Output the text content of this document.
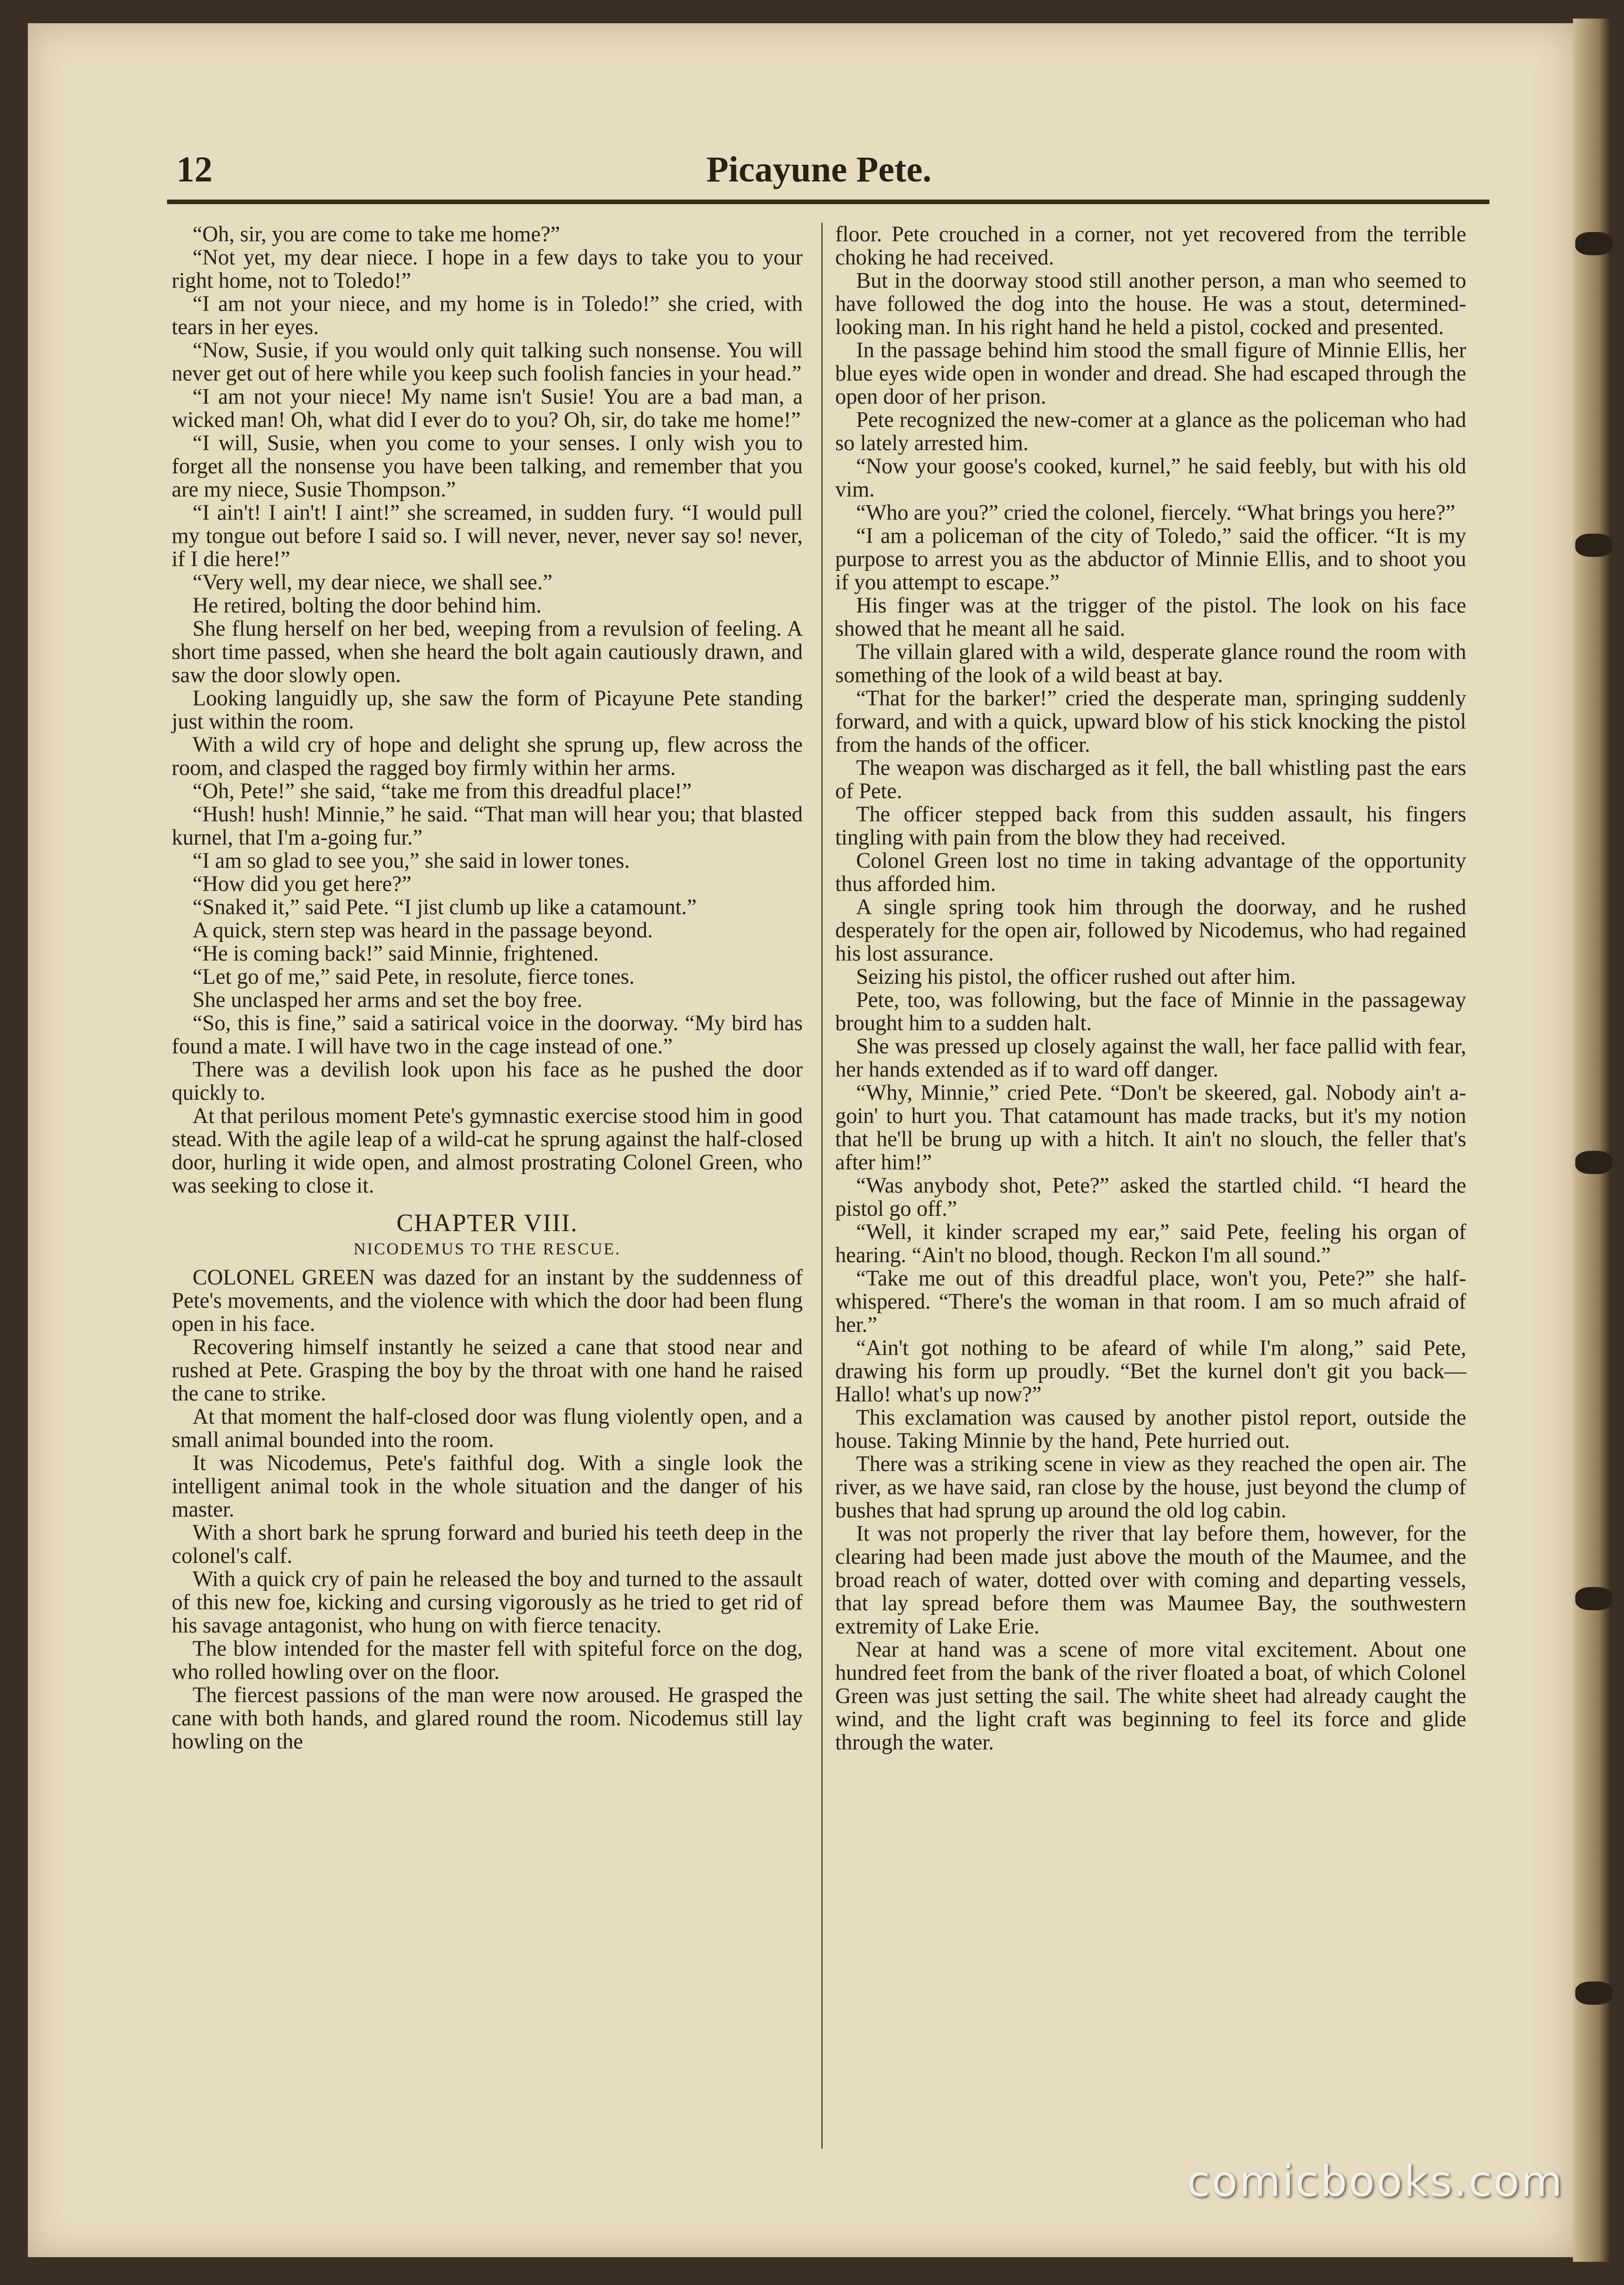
12	Picayune Pete.

“Oh, sir, you are come to take me home?”

“Not yet, my dear niece. I hope in a few days to take you to your right home, not to Toledo!”

“I am not your niece, and my home is in Toledo!” she cried, with tears in her eyes.

“Now, Susie, if you would only quit talking such nonsense. You will never get out of here while you keep such foolish fancies in your head.”

“I am not your niece! My name isn't Susie! You are a bad man, a wicked man! Oh, what did I ever do to you? Oh, sir, do take me home!”

“I will, Susie, when you come to your senses. I only wish you to forget all the nonsense you have been talking, and remember that you are my niece, Susie Thompson.”

“I ain't! I ain't! I aint!” she screamed, in sudden fury. “I would pull my tongue out before I said so. I will never, never, never say so! never, if I die here!”

“Very well, my dear niece, we shall see.”

He retired, bolting the door behind him.

She flung herself on her bed, weeping from a revulsion of feeling. A short time passed, when she heard the bolt again cautiously drawn, and saw the door slowly open.

Looking languidly up, she saw the form of Picayune Pete standing just within the room.

With a wild cry of hope and delight she sprung up, flew across the room, and clasped the ragged boy firmly within her arms.

“Oh, Pete!” she said, “take me from this dreadful place!”

“Hush! hush! Minnie,” he said. “That man will hear you; that blasted kurnel, that I'm a-going fur.”

“I am so glad to see you,” she said in lower tones.

“How did you get here?”

“Snaked it,” said Pete. “I jist clumb up like a catamount.”

A quick, stern step was heard in the passage beyond.

“He is coming back!” said Minnie, frightened.

“Let go of me,” said Pete, in resolute, fierce tones.

She unclasped her arms and set the boy free.

“So, this is fine,” said a satirical voice in the doorway. “My bird has found a mate. I will have two in the cage instead of one.”

There was a devilish look upon his face as he pushed the door quickly to.

At that perilous moment Pete's gymnastic exercise stood him in good stead. With the agile leap of a wild-cat he sprung against the half-closed door, hurling it wide open, and almost prostrating Colonel Green, who was seeking to close it.

CHAPTER VIII.
NICODEMUS TO THE RESCUE.

COLONEL GREEN was dazed for an instant by the suddenness of Pete's movements, and the violence with which the door had been flung open in his face.

Recovering himself instantly he seized a cane that stood near and rushed at Pete. Grasping the boy by the throat with one hand he raised the cane to strike.

At that moment the half-closed door was flung violently open, and a small animal bounded into the room.

It was Nicodemus, Pete's faithful dog. With a single look the intelligent animal took in the whole situation and the danger of his master.

With a short bark he sprung forward and buried his teeth deep in the colonel's calf.

With a quick cry of pain he released the boy and turned to the assault of this new foe, kicking and cursing vigorously as he tried to get rid of his savage antagonist, who hung on with fierce tenacity.

The blow intended for the master fell with spiteful force on the dog, who rolled howling over on the floor.

The fiercest passions of the man were now aroused. He grasped the cane with both hands, and glared round the room. Nicodemus still lay howling on the

floor. Pete crouched in a corner, not yet recovered from the terrible choking he had received.

But in the doorway stood still another person, a man who seemed to have followed the dog into the house. He was a stout, determined-looking man. In his right hand he held a pistol, cocked and presented.

In the passage behind him stood the small figure of Minnie Ellis, her blue eyes wide open in wonder and dread. She had escaped through the open door of her prison.

Pete recognized the new-comer at a glance as the policeman who had so lately arrested him.

“Now your goose's cooked, kurnel,” he said feebly, but with his old vim.

“Who are you?” cried the colonel, fiercely. “What brings you here?”

“I am a policeman of the city of Toledo,” said the officer. “It is my purpose to arrest you as the abductor of Minnie Ellis, and to shoot you if you attempt to escape.”

His finger was at the trigger of the pistol. The look on his face showed that he meant all he said.

The villain glared with a wild, desperate glance round the room with something of the look of a wild beast at bay.

“That for the barker!” cried the desperate man, springing suddenly forward, and with a quick, upward blow of his stick knocking the pistol from the hands of the officer.

The weapon was discharged as it fell, the ball whistling past the ears of Pete.

The officer stepped back from this sudden assault, his fingers tingling with pain from the blow they had received.

Colonel Green lost no time in taking advantage of the opportunity thus afforded him.

A single spring took him through the doorway, and he rushed desperately for the open air, followed by Nicodemus, who had regained his lost assurance.

Seizing his pistol, the officer rushed out after him.

Pete, too, was following, but the face of Minnie in the passageway brought him to a sudden halt.

She was pressed up closely against the wall, her face pallid with fear, her hands extended as if to ward off danger.

“Why, Minnie,” cried Pete. “Don't be skeered, gal. Nobody ain't a-goin' to hurt you. That catamount has made tracks, but it's my notion that he'll be brung up with a hitch. It ain't no slouch, the feller that's after him!”

“Was anybody shot, Pete?” asked the startled child. “I heard the pistol go off.”

“Well, it kinder scraped my ear,” said Pete, feeling his organ of hearing. “Ain't no blood, though. Reckon I'm all sound.”

“Take me out of this dreadful place, won't you, Pete?” she half-whispered. “There's the woman in that room. I am so much afraid of her.”

“Ain't got nothing to be afeard of while I'm along,” said Pete, drawing his form up proudly. “Bet the kurnel don't git you back— Hallo! what's up now?”

This exclamation was caused by another pistol report, outside the house. Taking Minnie by the hand, Pete hurried out.

There was a striking scene in view as they reached the open air. The river, as we have said, ran close by the house, just beyond the clump of bushes that had sprung up around the old log cabin.

It was not properly the river that lay before them, however, for the clearing had been made just above the mouth of the Maumee, and the broad reach of water, dotted over with coming and departing vessels, that lay spread before them was Maumee Bay, the southwestern extremity of Lake Erie.

Near at hand was a scene of more vital excitement. About one hundred feet from the bank of the river floated a boat, of which Colonel Green was just setting the sail. The white sheet had already caught the wind, and the light craft was beginning to feel its force and glide through the water.

comicbooks.com
